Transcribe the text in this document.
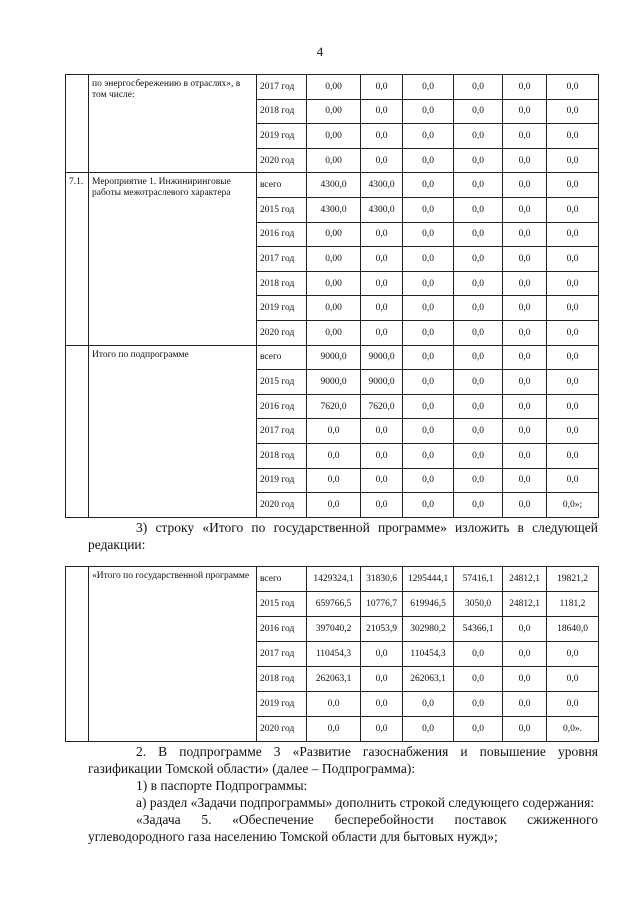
4
	по энергосбережению в отраслях», в том числе:	2017 год	0,00	0,0	0,0	0,0	0,0	0,0
		2018 год	0,00	0,0	0,0	0,0	0,0	0,0
		2019 год	0,00	0,0	0,0	0,0	0,0	0,0
		2020 год	0,00	0,0	0,0	0,0	0,0	0,0
7.1.	Мероприятие 1. Инжиниринговые работы межотраслевого характера	всего	4300,0	4300,0	0,0	0,0	0,0	0,0
		2015 год	4300,0	4300,0	0,0	0,0	0,0	0,0
		2016 год	0,00	0,0	0,0	0,0	0,0	0,0
		2017 год	0,00	0,0	0,0	0,0	0,0	0,0
		2018 год	0,00	0,0	0,0	0,0	0,0	0,0
		2019 год	0,00	0,0	0,0	0,0	0,0	0,0
		2020 год	0,00	0,0	0,0	0,0	0,0	0,0
	Итого по подпрограмме	всего	9000,0	9000,0	0,0	0,0	0,0	0,0
		2015 год	9000,0	9000,0	0,0	0,0	0,0	0,0
		2016 год	7620,0	7620,0	0,0	0,0	0,0	0,0
		2017 год	0,0	0,0	0,0	0,0	0,0	0,0
		2018 год	0,0	0,0	0,0	0,0	0,0	0,0
		2019 год	0,0	0,0	0,0	0,0	0,0	0,0
		2020 год	0,0	0,0	0,0	0,0	0,0	0,0»;
3) строку «Итого по государственной программе» изложить в следующей
редакции:
	«Итого по государственной программе	всего	1429324,1	31830,6	1295444,1	57416,1	24812,1	19821,2
		2015 год	659766,5	10776,7	619946,5	3050,0	24812,1	1181,2
		2016 год	397040,2	21053,9	302980,2	54366,1	0,0	18640,0
		2017 год	110454,3	0,0	110454,3	0,0	0,0	0,0
		2018 год	262063,1	0,0	262063,1	0,0	0,0	0,0
		2019 год	0,0	0,0	0,0	0,0	0,0	0,0
		2020 год	0,0	0,0	0,0	0,0	0,0	0,0».
2. В подпрограмме 3 «Развитие газоснабжения и повышение уровня
газификации Томской области» (далее – Подпрограмма):
1) в паспорте Подпрограммы:
а) раздел «Задачи подпрограммы» дополнить строкой следующего содержания:
«Задача 5. «Обеспечение бесперебойности поставок сжиженного
углеводородного газа населению Томской области для бытовых нужд»;
